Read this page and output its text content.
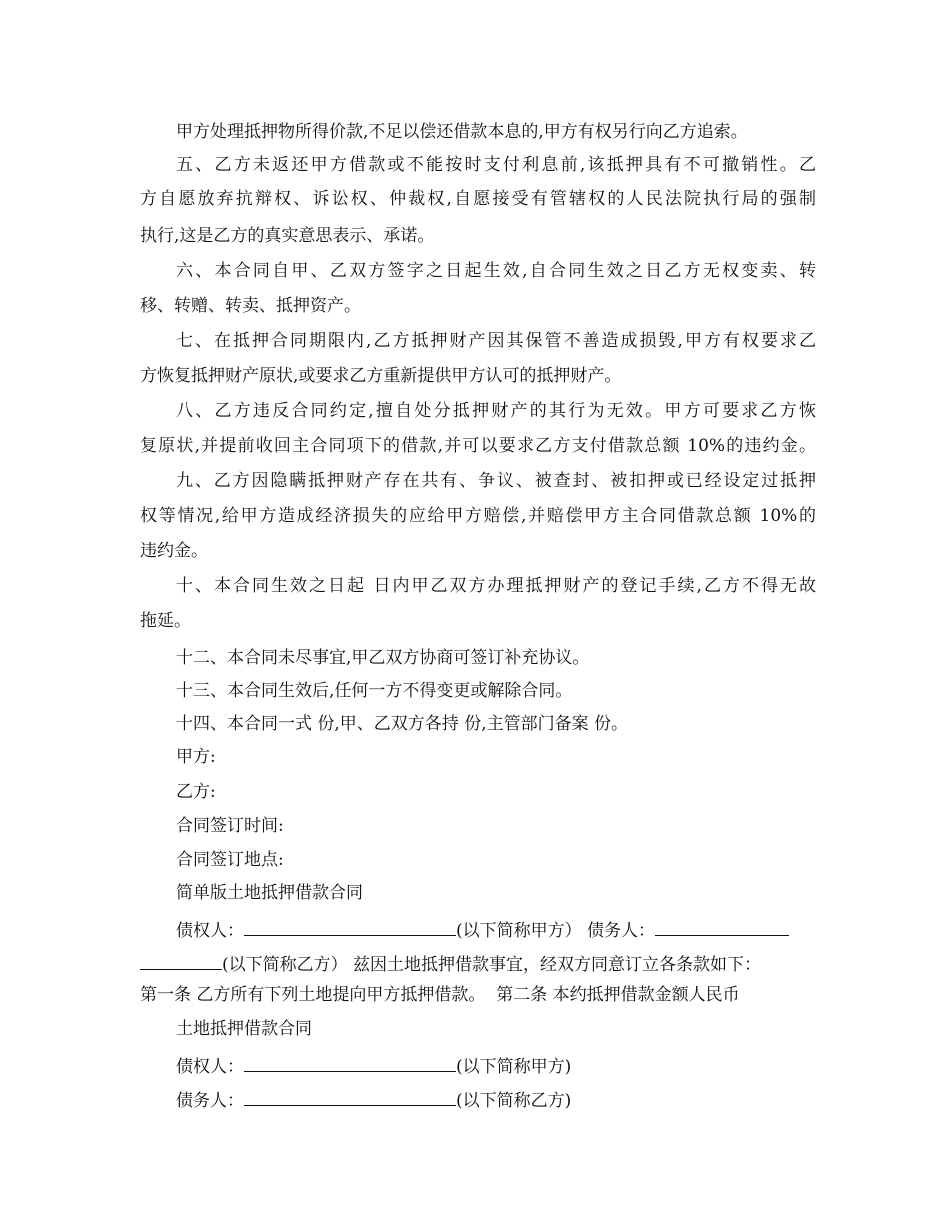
甲方处理抵押物所得价款,不足以偿还借款本息的,甲方有权另行向乙方追索。
五、乙方未返还甲方借款或不能按时支付利息前,该抵押具有不可撤销性。乙
方自愿放弃抗辩权、诉讼权、仲裁权,自愿接受有管辖权的人民法院执行局的强制
执行,这是乙方的真实意思表示、承诺。
六、本合同自甲、乙双方签字之日起生效,自合同生效之日乙方无权变卖、转
移、转赠、转卖、抵押资产。
七、在抵押合同期限内,乙方抵押财产因其保管不善造成损毁,甲方有权要求乙
方恢复抵押财产原状,或要求乙方重新提供甲方认可的抵押财产。
八、乙方违反合同约定,擅自处分抵押财产的其行为无效。甲方可要求乙方恢
复原状,并提前收回主合同项下的借款,并可以要求乙方支付借款总额 10%的违约金。
九、乙方因隐瞒抵押财产存在共有、争议、被查封、被扣押或已经设定过抵押
权等情况,给甲方造成经济损失的应给甲方赔偿,并赔偿甲方主合同借款总额 10%的
违约金。
十、本合同生效之日起 日内甲乙双方办理抵押财产的登记手续,乙方不得无故
拖延。
十二、本合同未尽事宜,甲乙双方协商可签订补充协议。
十三、本合同生效后,任何一方不得变更或解除合同。
十四、本合同一式 份,甲、乙双方各持 份,主管部门备案 份。
甲方:
乙方:
合同签订时间:
合同签订地点:
简单版土地抵押借款合同
债权人：	(以下简称甲方） 债务人：
(以下简称乙方） 兹因土地抵押借款事宜，经双方同意订立各条款如下：
第一条 乙方所有下列土地提向甲方抵押借款。 第二条 本约抵押借款金额人民币
土地抵押借款合同
债权人：	(以下简称甲方)
债务人：	(以下简称乙方)
